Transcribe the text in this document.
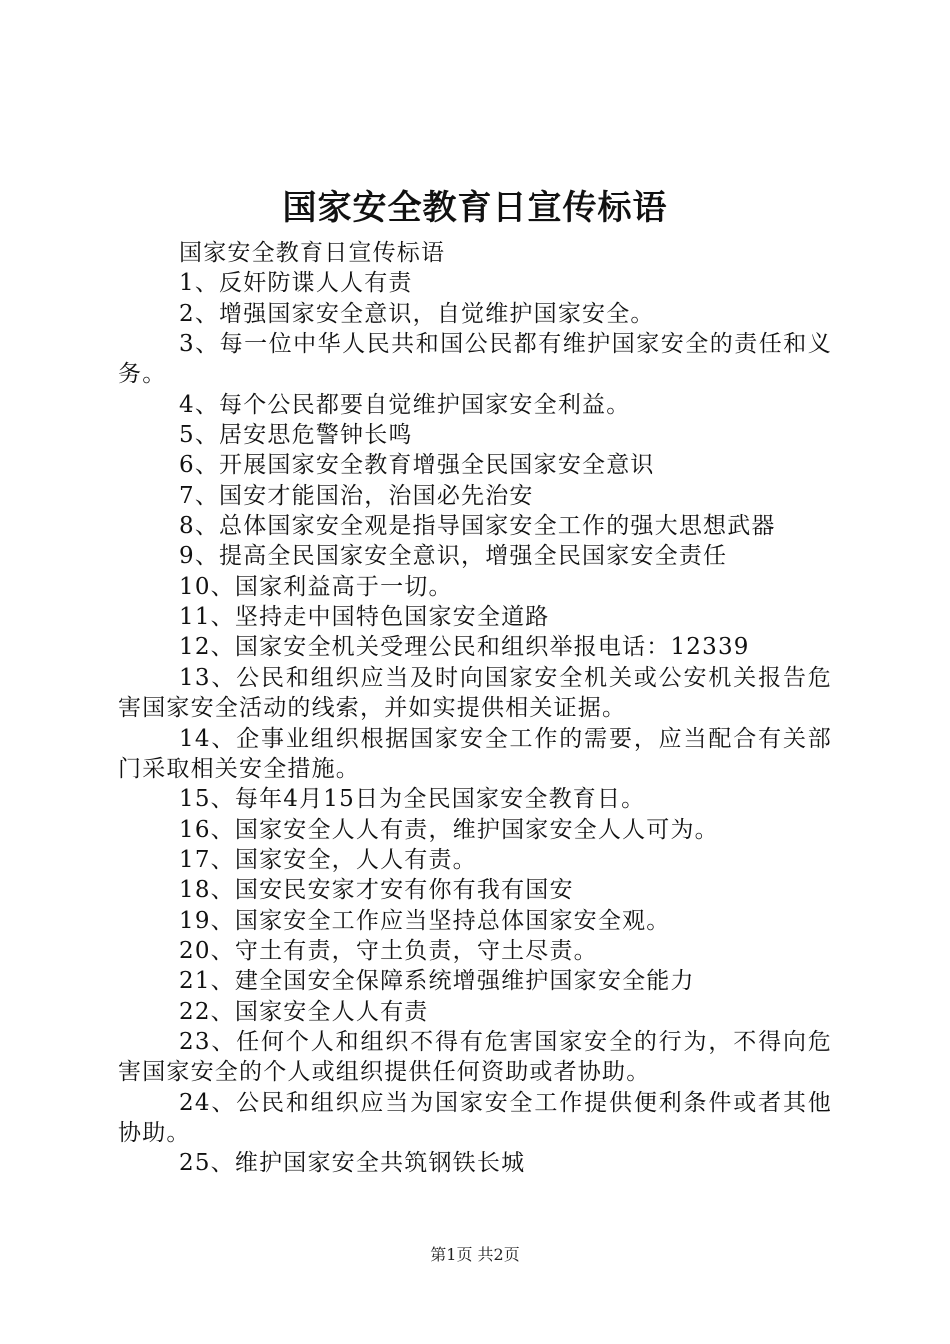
国家安全教育日宣传标语
国家安全教育日宣传标语
1、反奸防谍人人有责
2、增强国家安全意识，自觉维护国家安全。
3、每一位中华人民共和国公民都有维护国家安全的责任和义务。
4、每个公民都要自觉维护国家安全利益。
5、居安思危警钟长鸣
6、开展国家安全教育增强全民国家安全意识
7、国安才能国治，治国必先治安
8、总体国家安全观是指导国家安全工作的强大思想武器
9、提高全民国家安全意识，增强全民国家安全责任
10、国家利益高于一切。
11、坚持走中国特色国家安全道路
12、国家安全机关受理公民和组织举报电话：12339
13、公民和组织应当及时向国家安全机关或公安机关报告危害国家安全活动的线索，并如实提供相关证据。
14、企事业组织根据国家安全工作的需要，应当配合有关部门采取相关安全措施。
15、每年4月15日为全民国家安全教育日。
16、国家安全人人有责，维护国家安全人人可为。
17、国家安全，人人有责。
18、国安民安家才安有你有我有国安
19、国家安全工作应当坚持总体国家安全观。
20、守土有责，守土负责，守土尽责。
21、建全国安全保障系统增强维护国家安全能力
22、国家安全人人有责
23、任何个人和组织不得有危害国家安全的行为，不得向危害国家安全的个人或组织提供任何资助或者协助。
24、公民和组织应当为国家安全工作提供便利条件或者其他协助。
25、维护国家安全共筑钢铁长城
第1页 共2页
